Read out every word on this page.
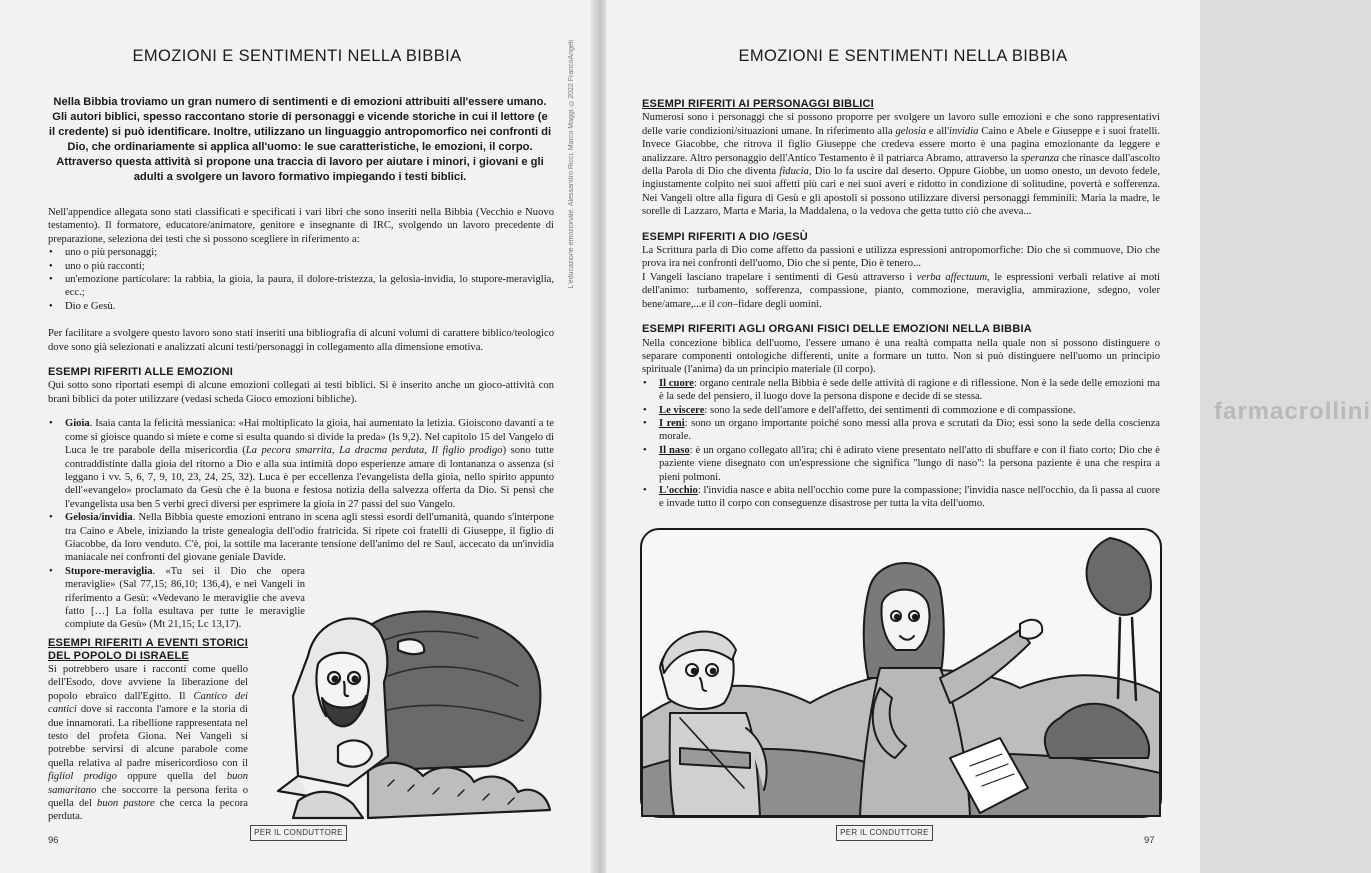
EMOZIONI E SENTIMENTI NELLA BIBBIA
Nella Bibbia troviamo un gran numero di sentimenti e di emozioni attribuiti all'essere umano. Gli autori biblici, spesso raccontano storie di personaggi e vicende storiche in cui il lettore (e il credente) si può identificare. Inoltre, utilizzano un linguaggio antropomorfico nei confronti di Dio, che ordinariamente si applica all'uomo: le sue caratteristiche, le emozioni, il corpo. Attraverso questa attività si propone una traccia di lavoro per aiutare i minori, i giovani e gli adulti a svolgere un lavoro formativo impiegando i testi biblici.

Nell'appendice allegata sono stati classificati e specificati i vari libri che sono inseriti nella Bibbia (Vecchio e Nuovo testamento). Il formatore, educatore/animatore, genitore e insegnante di IRC, svolgendo un lavoro precedente di preparazione, seleziona dei testi che si possono scegliere in riferimento a:

• uno o più personaggi;
• uno o più racconti;
• un'emozione particolare: la rabbia, la gioia, la paura, il dolore-tristezza, la gelosia-invidia, lo stupore-meraviglia, ecc.;
• Dio e Gesù.

Per facilitare a svolgere questo lavoro sono stati inseriti una bibliografia di alcuni volumi di carattere biblico/teologico dove sono già selezionati e analizzati alcuni testi/personaggi in collegamento alla dimensione emotiva.

ESEMPI RIFERITI ALLE EMOZIONI

Qui sotto sono riportati esempi di alcune emozioni collegati ai testi biblici. Si è inserito anche un gioco-attività con brani biblici da poter utilizzare (vedasi scheda Gioco emozioni bibliche).

• Gioia. Isaia canta la felicità messianica: «Hai moltiplicato la gioia, hai aumentato la letizia. Gioiscono davanti a te come si gioisce quando si miete e come si esulta quando si divide la preda» (Is 9,2). Nel capitolo 15 del Vangelo di Luca le tre parabole della misericordia (La pecora smarrita, La dracma perduta, Il figlio prodigo) sono tutte contraddistinte dalla gioia del ritorno a Dio e alla sua intimità dopo esperienze amare di lontananza o assenza (si leggano i vv. 5, 6, 7, 9, 10, 23, 24, 25, 32). Luca è per eccellenza l'evangelista della gioia, nello spirito appunto dell'«evangelo» proclamato da Gesù che è la buona e festosa notizia della salvezza offerta da Dio. Si pensi che l'evangelista usa ben 5 verbi greci diversi per esprimere la gioia in 27 passi del suo Vangelo.
• Gelosia/invidia. Nella Bibbia queste emozioni entrano in scena agli stessi esordi dell'umanità, quando s'interpone tra Caino e Abele, iniziando la triste genealogia dell'odio fratricida. Si ripete coi fratelli di Giuseppe, il figlio di Giacobbe, da loro venduto. C'è, poi, la sottile ma lacerante tensione dell'animo del re Saul, accecato da un'invidia maniacale nei confronti del giovane geniale Davide.
• Stupore-meraviglia. «Tu sei il Dio che opera meraviglie» (Sal 77,15; 86,10; 136,4), e nei Vangeli in riferimento a Gesù: «Vedevano le meraviglie che aveva fatto […] La folla esultava per tutte le meraviglie compiute da Gesù» (Mt 21,15; Lc 13,17).

ESEMPI RIFERITI A EVENTI STORICI DEL POPOLO DI ISRAELE

Si potrebbero usare i racconti come quello dell'Esodo, dove avviene la liberazione del popolo ebraico dall'Egitto. Il Cantico dei cantici dove si racconta l'amore e la storia di due innamorati. La ribellione rappresentata nel testo del profeta Giona. Nei Vangeli si potrebbe servirsi di alcune parabole come quella relativa al padre misericordioso con il figliol prodigo oppure quella del buon samaritano che soccorre la persona ferita o quella del buon pastore che cerca la pecora perduta.

96
PER IL CONDUTTORE
L'educazione emozionale. Alessandro Ricci, Marco Maggi. ©2022 FrancoAngeli	EMOZIONI E SENTIMENTI NELLA BIBBIA

ESEMPI RIFERITI AI PERSONAGGI BIBLICI

Numerosi sono i personaggi che si possono proporre per svolgere un lavoro sulle emozioni e che sono rappresentativi delle varie condizioni/situazioni umane. In riferimento alla gelosia e all'invidia Caino e Abele e Giuseppe e i suoi fratelli. Invece Giacobbe, che ritrova il figlio Giuseppe che credeva essere morto è una pagina emozionante da leggere e analizzare. Altro personaggio dell'Antico Testamento è il patriarca Abramo, attraverso la speranza che rinasce dall'ascolto della Parola di Dio che diventa fiducia, Dio lo fa uscire dal deserto. Oppure Giobbe, un uomo onesto, un devoto fedele, ingiustamente colpito nei suoi affetti più cari e nei suoi averi e ridotto in condizione di solitudine, povertà e sofferenza. Nei Vangeli oltre alla figura di Gesù e gli apostoli si possono utilizzare diversi personaggi femminili: Maria la madre, le sorelle di Lazzaro, Marta e Maria, la Maddalena, o la vedova che getta tutto ciò che aveva...

ESEMPI RIFERITI A DIO /GESÙ

La Scrittura parla di Dio come affetto da passioni e utilizza espressioni antropomorfiche: Dio che si commuove, Dio che prova ira nei confronti dell'uomo, Dio che si pente, Dio è tenero...

I Vangeli lasciano trapelare i sentimenti di Gesù attraverso i verba affectuum, le espressioni verbali relative ai moti dell'animo: turbamento, sofferenza, compassione, pianto, commozione, meraviglia, ammirazione, sdegno, voler bene/amare,...e il con–fidare degli uomini.

ESEMPI RIFERITI AGLI ORGANI FISICI DELLE EMOZIONI NELLA BIBBIA

Nella concezione biblica dell'uomo, l'essere umano è una realtà compatta nella quale non si possono distinguere o separare componenti ontologiche differenti, unite a formare un tutto. Non si può distinguere nell'uomo un principio spirituale (l'anima) da un principio materiale (il corpo).

• Il cuore: organo centrale nella Bibbia è sede delle attività di ragione e di riflessione. Non è la sede delle emozioni ma è la sede del pensiero, il luogo dove la persona dispone e decide di se stessa.
• Le viscere: sono la sede dell'amore e dell'affetto, dei sentimenti di commozione e di compassione.
• I reni: sono un organo importante poiché sono messi alla prova e scrutati da Dio; essi sono la sede della coscienza morale.
• Il naso: è un organo collegato all'ira; chi è adirato viene presentato nell'atto di sbuffare e con il fiato corto; Dio che è paziente viene disegnato con un'espressione che significa "lungo di naso": la persona paziente è una che respira a pieni polmoni.
• L'occhio: l'invidia nasce e abita nell'occhio come pure la compassione; l'invidia nasce nell'occhio, da lì passa al cuore e invade tutto il corpo con conseguenze disastrose per tutta la vita dell'uomo.
farmacrollini
PER IL CONDUTTORE
97
